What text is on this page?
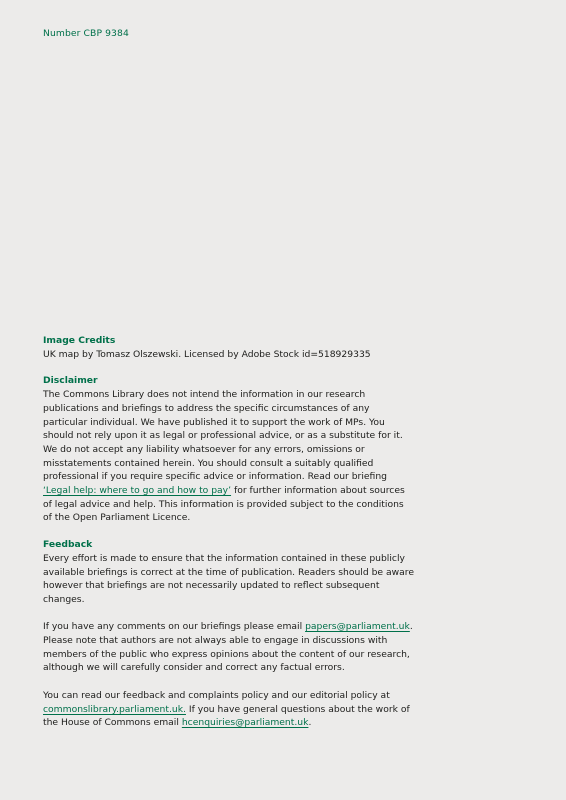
Number CBP 9384
Image Credits

UK map by Tomasz Olszewski. Licensed by Adobe Stock id=518929335

Disclaimer

The Commons Library does not intend the information in our research publications and briefings to address the specific circumstances of any particular individual. We have published it to support the work of MPs. You should not rely upon it as legal or professional advice, or as a substitute for it. We do not accept any liability whatsoever for any errors, omissions or misstatements contained herein. You should consult a suitably qualified professional if you require specific advice or information. Read our briefing ‘Legal help: where to go and how to pay’ for further information about sources of legal advice and help. This information is provided subject to the conditions of the Open Parliament Licence.

Feedback

Every effort is made to ensure that the information contained in these publicly available briefings is correct at the time of publication. Readers should be aware however that briefings are not necessarily updated to reflect subsequent changes.

If you have any comments on our briefings please email papers@parliament.uk. Please note that authors are not always able to engage in discussions with members of the public who express opinions about the content of our research, although we will carefully consider and correct any factual errors.

You can read our feedback and complaints policy and our editorial policy at commonslibrary.parliament.uk. If you have general questions about the work of the House of Commons email hcenquiries@parliament.uk.
